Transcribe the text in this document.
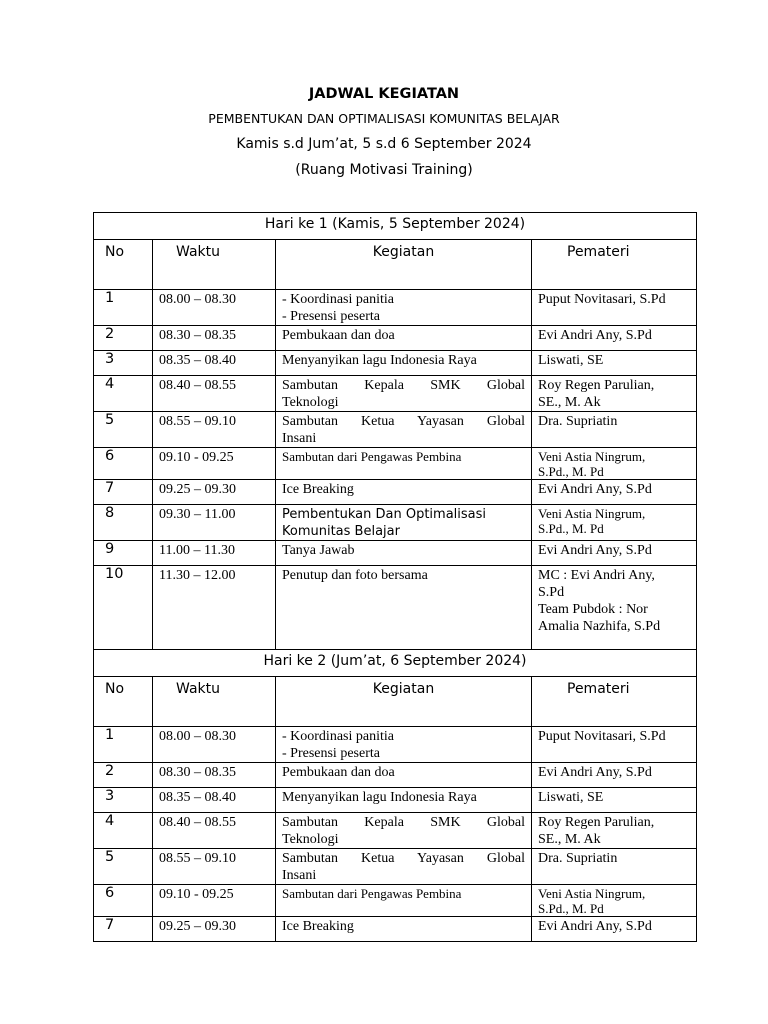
JADWAL KEGIATAN
PEMBENTUKAN DAN OPTIMALISASI KOMUNITAS BELAJAR
Kamis s.d Jum’at, 5 s.d 6 September 2024
(Ruang Motivasi Training)
Hari ke 1 (Kamis, 5 September 2024)			
No	Waktu	Kegiatan	Pemateri
1	08.00 – 08.30	- Koordinasi panitia
- Presensi peserta	Puput Novitasari, S.Pd

2	08.30 – 08.35	Pembukaan dan doa	Evi Andri Any, S.Pd

3	08.35 – 08.40	Menyanyikan lagu Indonesia Raya	Liswati, SE

4	08.40 – 08.55	Sambutan Kepala SMK Global
Teknologi	Roy Regen Parulian,
SE., M. Ak

5	08.55 – 09.10	Sambutan Ketua Yayasan Global
Insani	Dra. Supriatin

6	09.10 - 09.25	Sambutan dari Pengawas Pembina	Veni Astia Ningrum,
S.Pd., M. Pd

7	09.25 – 09.30	Ice Breaking	Evi Andri Any, S.Pd

8	09.30 – 11.00	Pembentukan Dan Optimalisasi
Komunitas Belajar	Veni Astia Ningrum,
S.Pd., M. Pd

9	11.00 – 11.30	Tanya Jawab	Evi Andri Any, S.Pd

10	11.30 – 12.00	Penutup dan foto bersama	MC : Evi Andri Any,
S.Pd
Team Pubdok : Nor
Amalia Nazhifa, S.Pd

Hari ke 2 (Jum’at, 6 September 2024)			
No	Waktu	Kegiatan	Pemateri
1	08.00 – 08.30	- Koordinasi panitia
- Presensi peserta	Puput Novitasari, S.Pd

2	08.30 – 08.35	Pembukaan dan doa	Evi Andri Any, S.Pd

3	08.35 – 08.40	Menyanyikan lagu Indonesia Raya	Liswati, SE

4	08.40 – 08.55	Sambutan Kepala SMK Global
Teknologi	Roy Regen Parulian,
SE., M. Ak

5	08.55 – 09.10	Sambutan Ketua Yayasan Global
Insani	Dra. Supriatin

6	09.10 - 09.25	Sambutan dari Pengawas Pembina	Veni Astia Ningrum,
S.Pd., M. Pd

7	09.25 – 09.30	Ice Breaking	Evi Andri Any, S.Pd
